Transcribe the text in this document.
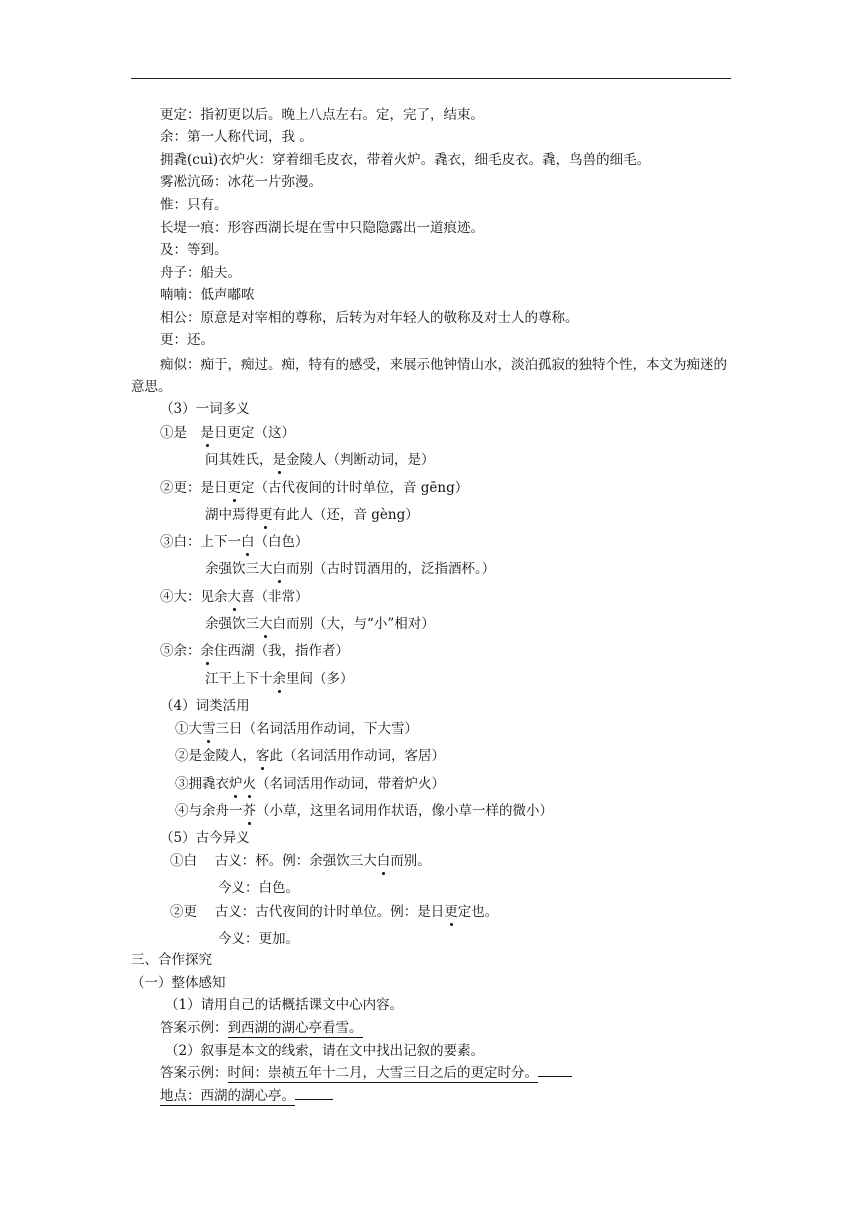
更定：指初更以后。晚上八点左右。定，完了，结束。
余：第一人称代词，我 。
拥毳(cuì)衣炉火：穿着细毛皮衣，带着火炉。毳衣，细毛皮衣。毳，鸟兽的细毛。
雾凇沆砀：冰花一片弥漫。
惟：只有。
长堤一痕：形容西湖长堤在雪中只隐隐露出一道痕迹。
及：等到。
舟子：船夫。
喃喃：低声嘟哝
相公：原意是对宰相的尊称，后转为对年轻人的敬称及对士人的尊称。
更：还。
痴似：痴于，痴过。痴，特有的感受，来展示他钟情山水，淡泊孤寂的独特个性，本文为痴迷的意思。
（3）一词多义
①是　是日更定（这）
问其姓氏，是金陵人（判断动词，是）
②更：是日更定（古代夜间的计时单位，音 gēng）
湖中焉得更有此人（还，音 gèng）
③白：上下一白（白色）
余强饮三大白而别（古时罚酒用的，泛指酒杯。）
④大：见余大喜（非常）
余强饮三大白而别（大，与“小”相对）
⑤余：余住西湖（我，指作者）
江干上下十余里间（多）
（4）词类活用
①大雪三日（名词活用作动词，下大雪）
②是金陵人，客此（名词活用作动词，客居）
③拥毳衣炉火（名词活用作动词，带着炉火）
④与余舟一芥（小草，这里名词用作状语，像小草一样的微小）
（5）古今异义
①白　 古义：杯。例：余强饮三大白而别。
今义：白色。
②更　 古义：古代夜间的计时单位。例：是日更定也。
今义：更加。
三、合作探究
（一）整体感知
（1）请用自己的话概括课文中心内容。
答案示例：到西湖的湖心亭看雪。
（2）叙事是本文的线索，请在文中找出记叙的要素。
答案示例：时间：崇祯五年十二月，大雪三日之后的更定时分。
地点：西湖的湖心亭。
